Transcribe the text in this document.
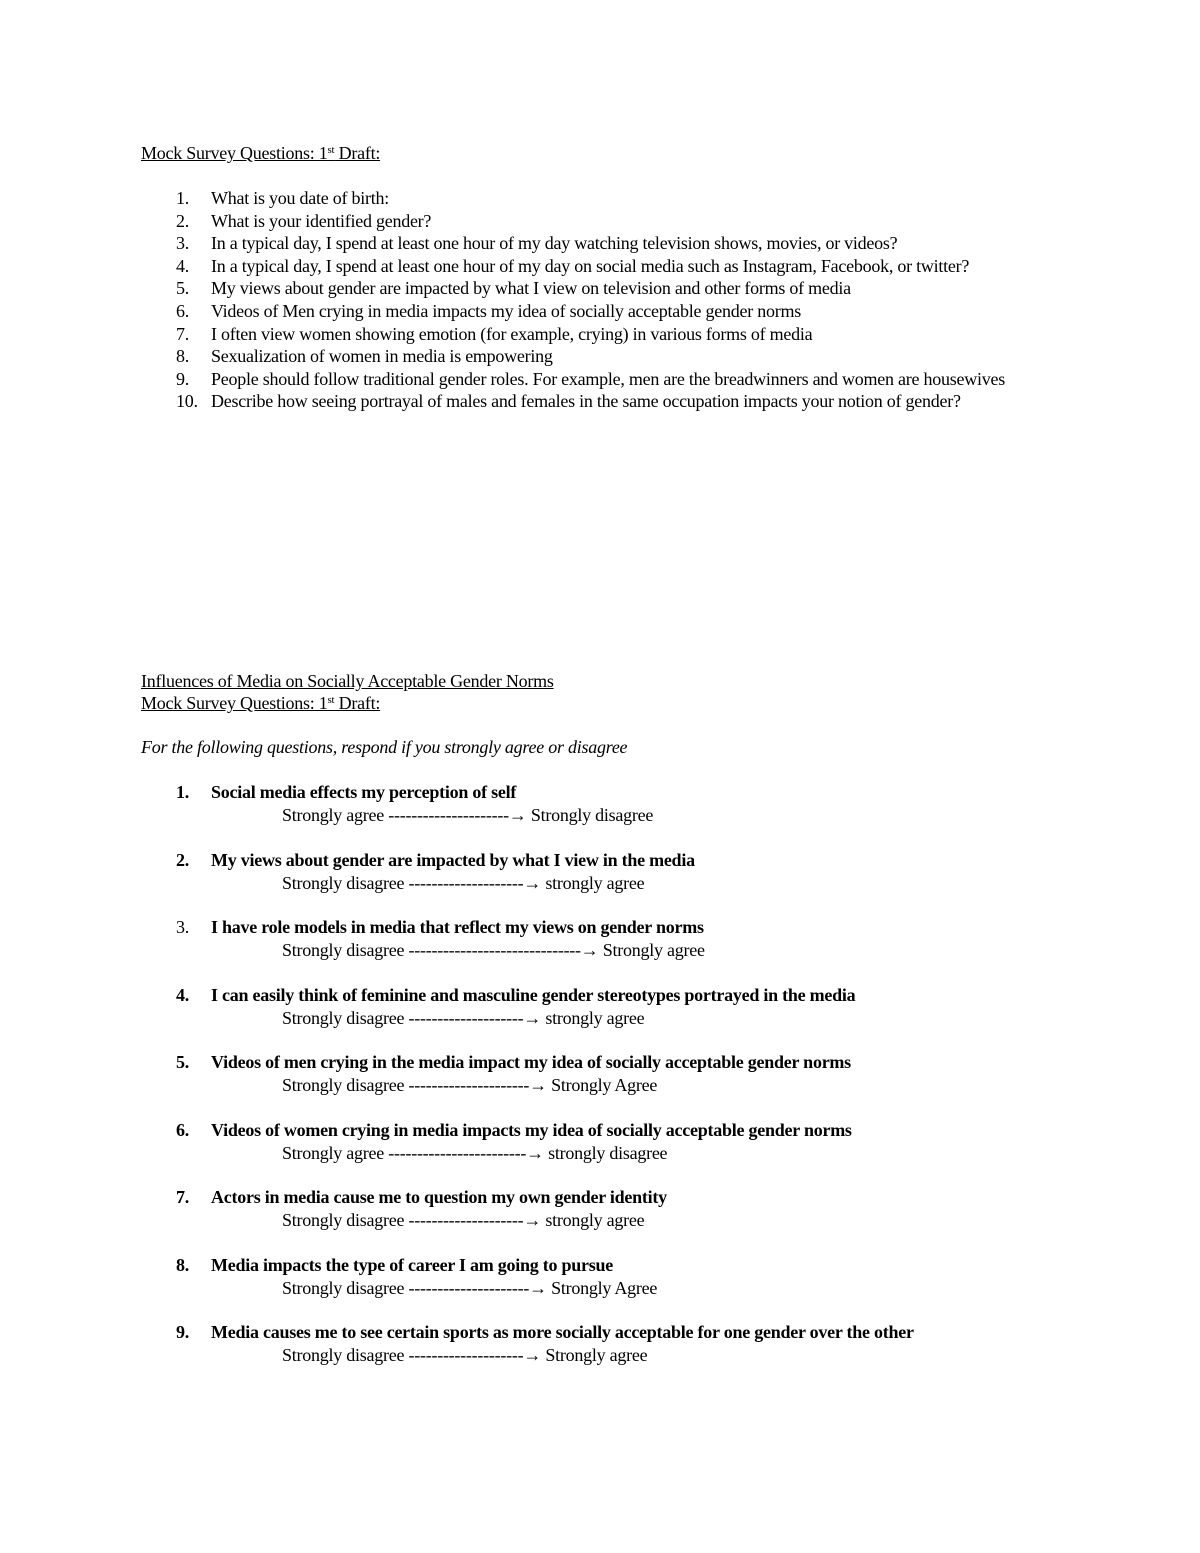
Mock Survey Questions: 1st Draft:
1. What is you date of birth:
2. What is your identified gender?
3. In a typical day, I spend at least one hour of my day watching television shows, movies, or videos?
4. In a typical day, I spend at least one hour of my day on social media such as Instagram, Facebook, or twitter?
5. My views about gender are impacted by what I view on television and other forms of media
6. Videos of Men crying in media impacts my idea of socially acceptable gender norms
7. I often view women showing emotion (for example, crying) in various forms of media
8. Sexualization of women in media is empowering
9. People should follow traditional gender roles. For example, men are the breadwinners and women are housewives
10. Describe how seeing portrayal of males and females in the same occupation impacts your notion of gender?
Influences of Media on Socially Acceptable Gender Norms
Mock Survey Questions: 1st Draft:
For the following questions, respond if you strongly agree or disagree
1. Social media effects my perception of self
Strongly agree ---------------------→ Strongly disagree
2. My views about gender are impacted by what I view in the media
Strongly disagree --------------------→ strongly agree
3. I have role models in media that reflect my views on gender norms
Strongly disagree ------------------------------→ Strongly agree
4. I can easily think of feminine and masculine gender stereotypes portrayed in the media
Strongly disagree --------------------→ strongly agree
5. Videos of men crying in the media impact my idea of socially acceptable gender norms
Strongly disagree ---------------------→ Strongly Agree
6. Videos of women crying in media impacts my idea of socially acceptable gender norms
Strongly agree ------------------------→ strongly disagree
7. Actors in media cause me to question my own gender identity
Strongly disagree --------------------→ strongly agree
8. Media impacts the type of career I am going to pursue
Strongly disagree ---------------------→ Strongly Agree
9. Media causes me to see certain sports as more socially acceptable for one gender over the other
Strongly disagree --------------------→ Strongly agree
